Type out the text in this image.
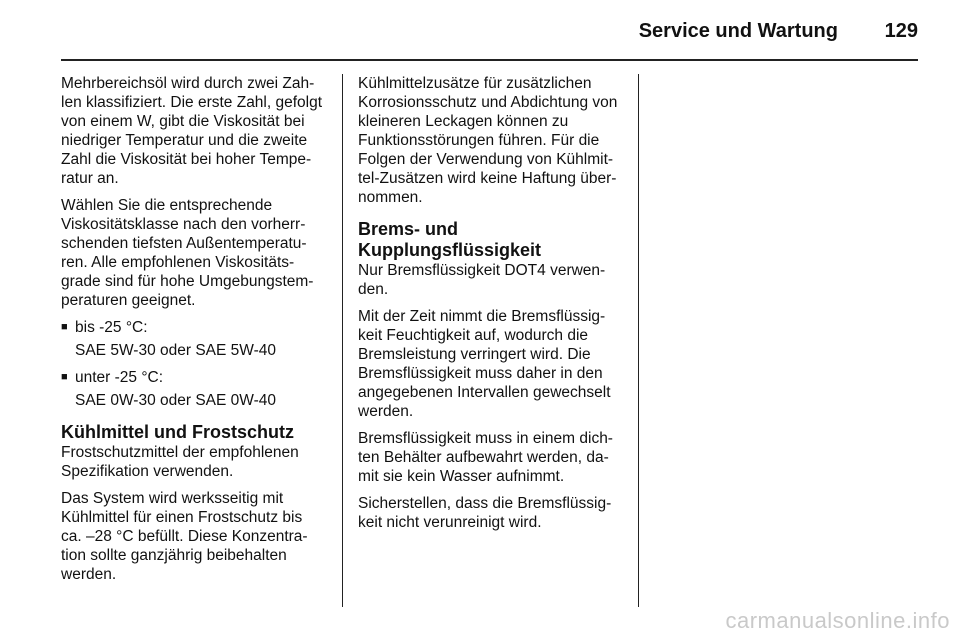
Service und Wartung 129

Mehrbereichsöl wird durch zwei Zah-len klassifiziert. Die erste Zahl, gefolgt von einem W, gibt die Viskosität bei niedriger Temperatur und die zweite Zahl die Viskosität bei hoher Tempe-ratur an.

Wählen Sie die entsprechende Viskositätsklasse nach den vorherr-schenden tiefsten Außentemperatu-ren. Alle empfohlenen Viskositäts-grade sind für hohe Umgebungstem-peraturen geeignet.

■ bis -25 °C:
SAE 5W-30 oder SAE 5W-40
■ unter -25 °C:
SAE 0W-30 oder SAE 0W-40
Kühlmittel und Frostschutz

Frostschutzmittel der empfohlenen Spezifikation verwenden.

Das System wird werksseitig mit Kühlmittel für einen Frostschutz bis ca. –28 °C befüllt. Diese Konzentra-tion sollte ganzjährig beibehalten werden.

Kühlmittelzusätze für zusätzlichen Korrosionsschutz und Abdichtung von kleineren Leckagen können zu Funktionsstörungen führen. Für die Folgen der Verwendung von Kühlmit-tel-Zusätzen wird keine Haftung über-nommen.

Brems- und Kupplungsflüssigkeit

Nur Bremsflüssigkeit DOT4 verwen-den.

Mit der Zeit nimmt die Bremsflüssig-keit Feuchtigkeit auf, wodurch die Bremsleistung verringert wird. Die Bremsflüssigkeit muss daher in den angegebenen Intervallen gewechselt werden.

Bremsflüssigkeit muss in einem dich-ten Behälter aufbewahrt werden, da-mit sie kein Wasser aufnimmt.

Sicherstellen, dass die Bremsflüssig-keit nicht verunreinigt wird.

carmanualsonline.info
